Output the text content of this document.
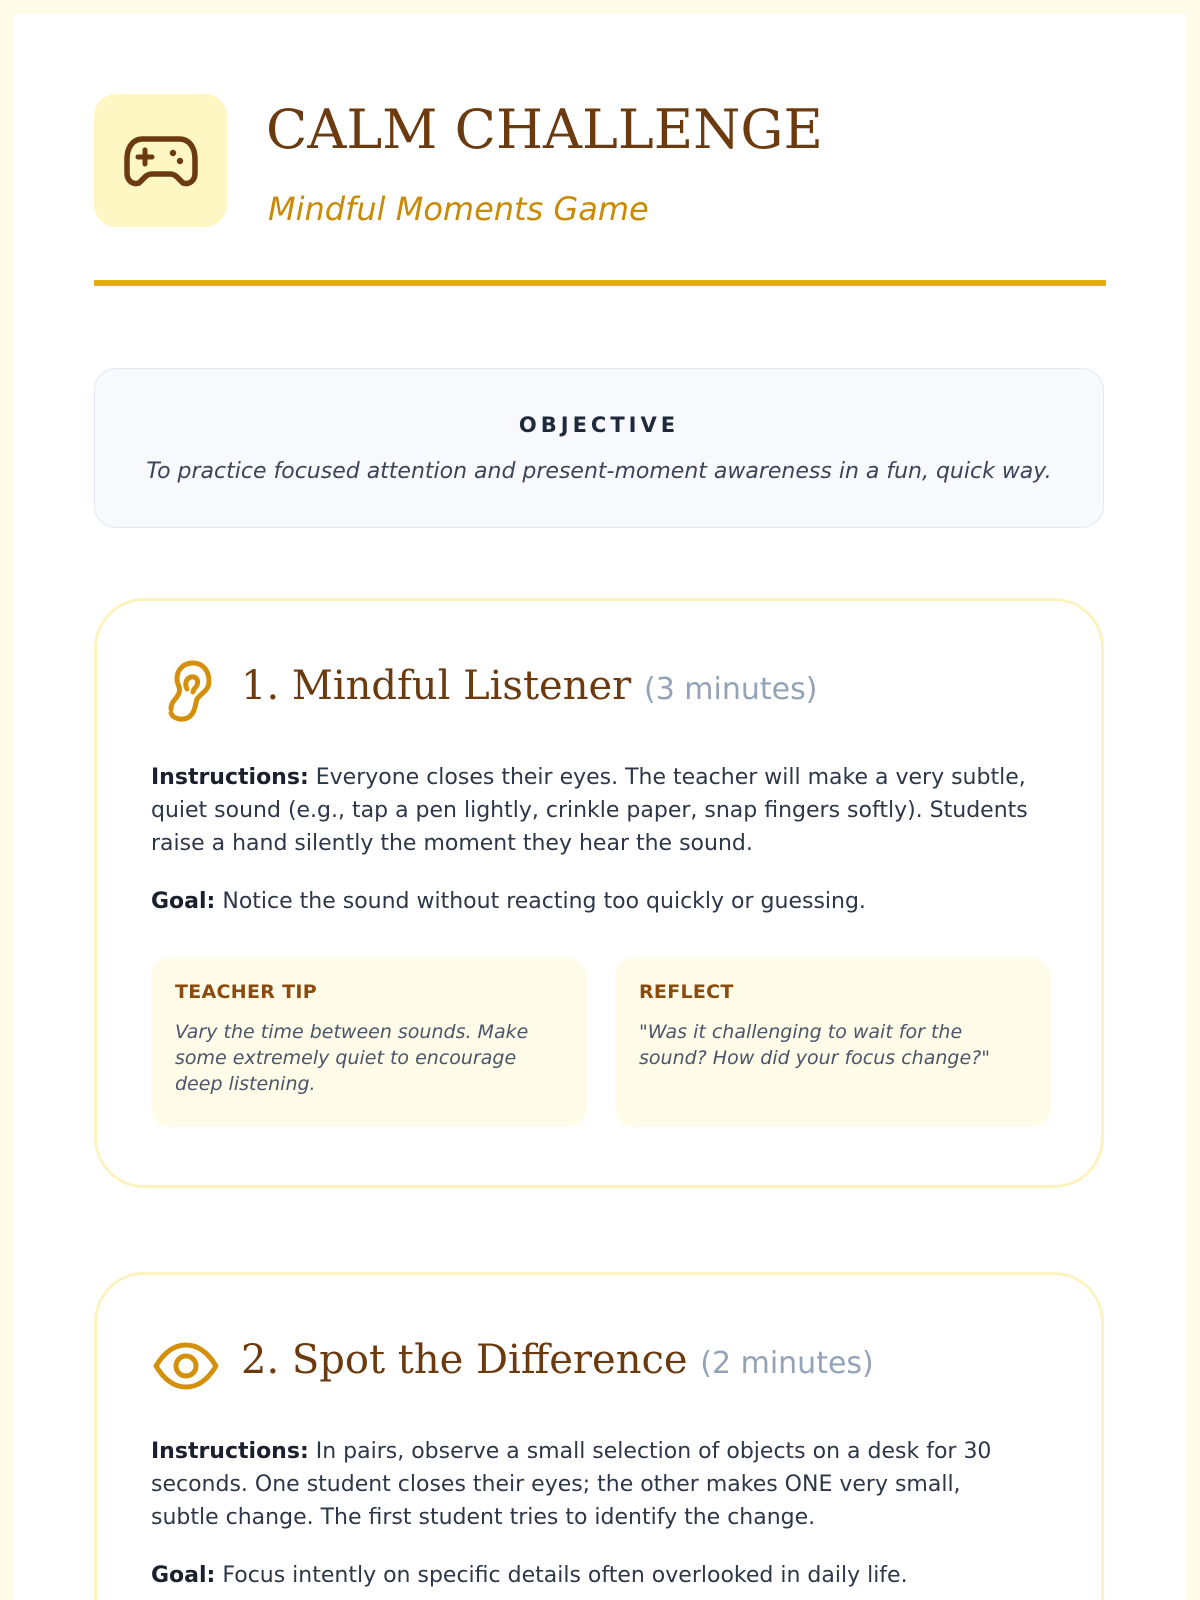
CALM CHALLENGE

Mindful Moments Game

OBJECTIVE
To practice focused attention and present-moment awareness in a fun, quick way.
1. Mindful Listener (3 minutes)

Instructions: Everyone closes their eyes. The teacher will make a very subtle, quiet sound (e.g., tap a pen lightly, crinkle paper, snap fingers softly). Students raise a hand silently the moment they hear the sound.

Goal: Notice the sound without reacting too quickly or guessing.

TEACHER TIP

Vary the time between sounds. Make some extremely quiet to encourage deep listening.

REFLECT

"Was it challenging to wait for the sound? How did your focus change?"

2. Spot the Difference (2 minutes)

Instructions: In pairs, observe a small selection of objects on a desk for 30 seconds. One student closes their eyes; the other makes ONE very small, subtle change. The first student tries to identify the change.

Goal: Focus intently on specific details often overlooked in daily life.
